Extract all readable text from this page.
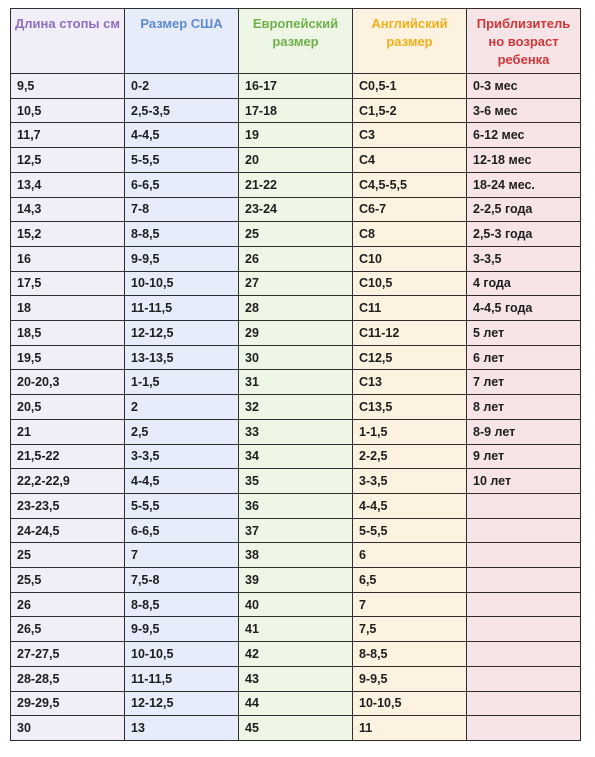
Длина стопы см	Размер США	Европейский размер	Английский размер	Приблизитель но возраст ребенка
9,5	0-2	16-17	C0,5-1	0-3 мес
10,5	2,5-3,5	17-18	C1,5-2	3-6 мес
11,7	4-4,5	19	C3	6-12 мес
12,5	5-5,5	20	C4	12-18 мес
13,4	6-6,5	21-22	C4,5-5,5	18-24 мес.
14,3	7-8	23-24	C6-7	2-2,5 года
15,2	8-8,5	25	C8	2,5-3 года
16	9-9,5	26	C10	3-3,5
17,5	10-10,5	27	C10,5	4 года
18	11-11,5	28	C11	4-4,5 года
18,5	12-12,5	29	C11-12	5 лет
19,5	13-13,5	30	C12,5	6 лет
20-20,3	1-1,5	31	C13	7 лет
20,5	2	32	C13,5	8 лет
21	2,5	33	1-1,5	8-9 лет
21,5-22	3-3,5	34	2-2,5	9 лет
22,2-22,9	4-4,5	35	3-3,5	10 лет
23-23,5	5-5,5	36	4-4,5	
24-24,5	6-6,5	37	5-5,5	
25	7	38	6	
25,5	7,5-8	39	6,5	
26	8-8,5	40	7	
26,5	9-9,5	41	7,5	
27-27,5	10-10,5	42	8-8,5	
28-28,5	11-11,5	43	9-9,5	
29-29,5	12-12,5	44	10-10,5	
30	13	45	11	
